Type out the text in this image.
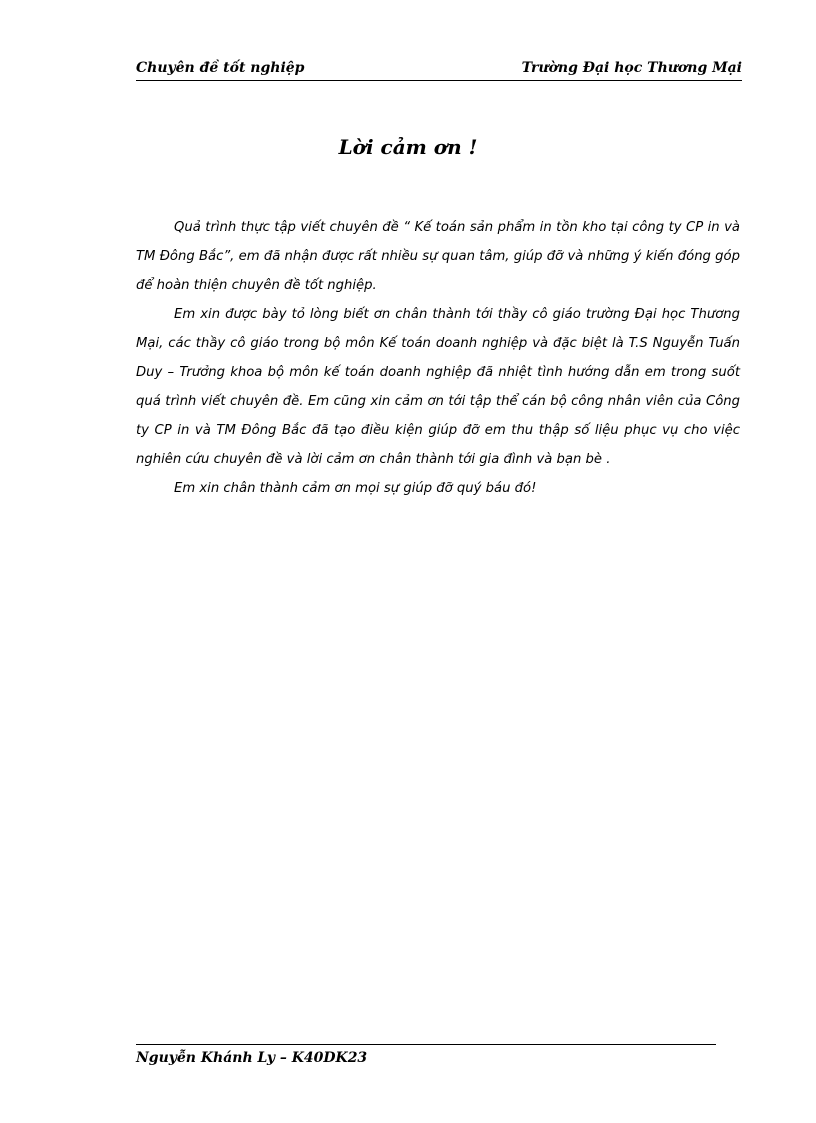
Chuyên đề tốt nghiệp	Trường Đại học Thương Mại
Lời cảm ơn !

Quả trình thực tập viết chuyên đề “ Kế toán sản phẩm in tồn kho tại công ty CP in và TM Đông Bắc”, em đã nhận được rất nhiều sự quan tâm, giúp đỡ và những ý kiến đóng góp để hoàn thiện chuyên đề tốt nghiệp.

Em xin được bày tỏ lòng biết ơn chân thành tới thầy cô giáo trường Đại học Thương Mại, các thầy cô giáo trong bộ môn Kế toán doanh nghiệp và đặc biệt là T.S Nguyễn Tuấn Duy – Trưởng khoa bộ môn kế toán doanh nghiệp đã nhiệt tình hướng dẫn em trong suốt quá trình viết chuyên đề. Em cũng xin cảm ơn tới tập thể cán bộ công nhân viên của Công ty CP in và TM Đông Bắc đã tạo điều kiện giúp đỡ em thu thập số liệu phục vụ cho việc nghiên cứu chuyên đề và lời cảm ơn chân thành tới gia đình và bạn bè .

Em xin chân thành cảm ơn mọi sự giúp đỡ quý báu đó!

Nguyễn Khánh Ly – K40DK23
